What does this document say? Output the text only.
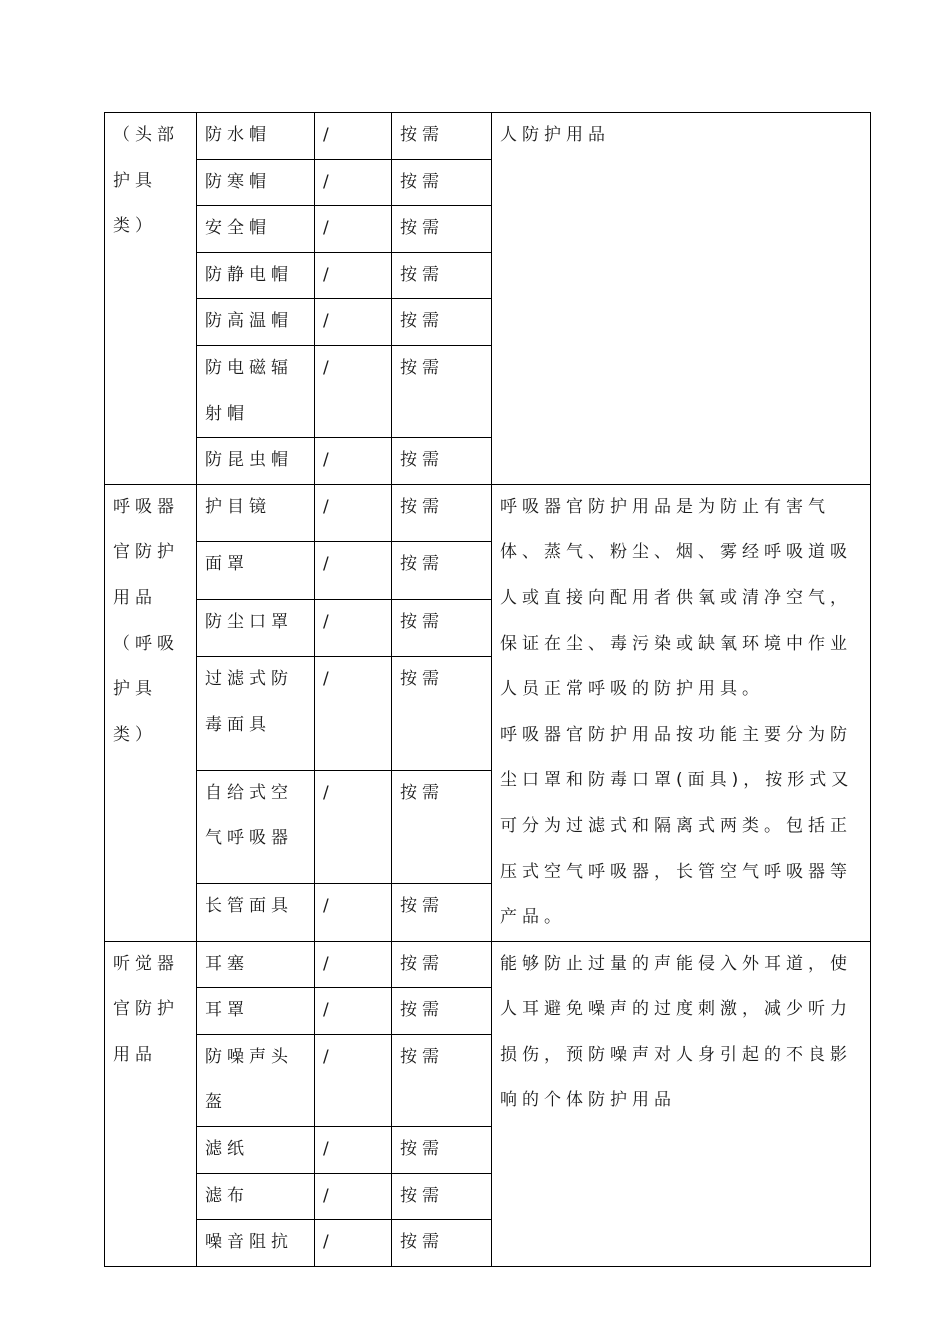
（头部护具类）	防水帽	/	按需	人防护用品

	防寒帽	/	按需	
	安全帽	/	按需	
	防静电帽	/	按需	
	防高温帽	/	按需	
	防电磁辐射帽	/	按需	
	防昆虫帽	/	按需	
呼吸器官防护用品（呼吸护具类）	护目镜	/	按需	呼吸器官防护用品是为防止有害气体、蒸气、粉尘、烟、雾经呼吸道吸人或直接向配用者供氧或清净空气，保证在尘、毒污染或缺氧环境中作业人员正常呼吸的防护用具。
呼吸器官防护用品按功能主要分为防尘口罩和防毒口罩(面具)，按形式又可分为过滤式和隔离式两类。包括正压式空气呼吸器，长管空气呼吸器等产品。

	面罩	/	按需	
	防尘口罩	/	按需	
	过滤式防毒面具	/	按需	
	自给式空气呼吸器	/	按需	
	长管面具	/	按需	
听觉器官防护用品	耳塞	/	按需	能够防止过量的声能侵入外耳道，使人耳避免噪声的过度刺激，减少听力损伤，预防噪声对人身引起的不良影响的个体防护用品

	耳罩	/	按需	
	防噪声头盔	/	按需	
	滤纸	/	按需	
	滤布	/	按需	
	噪音阻抗	/	按需	
